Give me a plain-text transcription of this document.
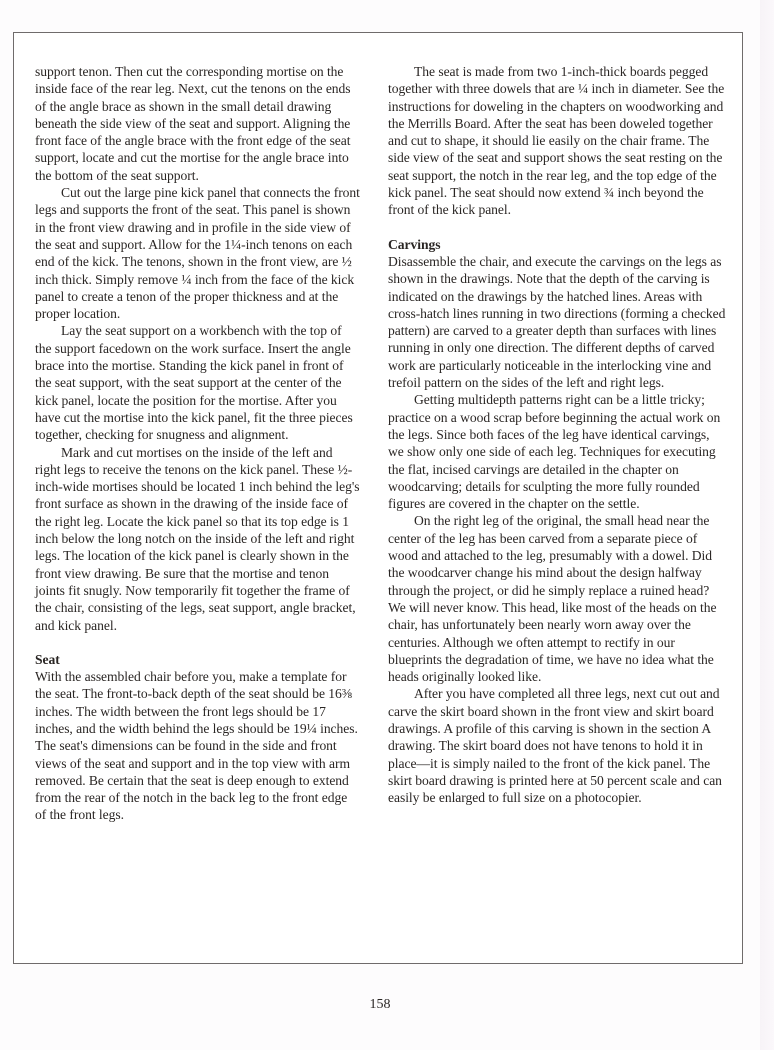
support tenon. Then cut the corresponding mortise on the inside face of the rear leg. Next, cut the tenons on the ends of the angle brace as shown in the small detail drawing beneath the side view of the seat and support. Aligning the front face of the angle brace with the front edge of the seat support, locate and cut the mortise for the angle brace into the bottom of the seat support.

Cut out the large pine kick panel that connects the front legs and supports the front of the seat. This panel is shown in the front view drawing and in profile in the side view of the seat and support. Allow for the 1¼-inch tenons on each end of the kick. The tenons, shown in the front view, are ½ inch thick. Simply remove ¼ inch from the face of the kick panel to create a tenon of the proper thickness and at the proper location.

Lay the seat support on a workbench with the top of the support facedown on the work surface. Insert the angle brace into the mortise. Standing the kick panel in front of the seat support, with the seat support at the center of the kick panel, locate the position for the mortise. After you have cut the mortise into the kick panel, fit the three pieces together, checking for snugness and alignment.

Mark and cut mortises on the inside of the left and right legs to receive the tenons on the kick panel. These ½-inch-wide mortises should be located 1 inch behind the leg's front surface as shown in the drawing of the inside face of the right leg. Locate the kick panel so that its top edge is 1 inch below the long notch on the inside of the left and right legs. The location of the kick panel is clearly shown in the front view drawing. Be sure that the mortise and tenon joints fit snugly. Now temporarily fit together the frame of the chair, consisting of the legs, seat support, angle bracket, and kick panel.

Seat

With the assembled chair before you, make a template for the seat. The front-to-back depth of the seat should be 16⅜ inches. The width between the front legs should be 17 inches, and the width behind the legs should be 19¼ inches. The seat's dimensions can be found in the side and front views of the seat and support and in the top view with arm removed. Be certain that the seat is deep enough to extend from the rear of the notch in the back leg to the front edge of the front legs.

The seat is made from two 1-inch-thick boards pegged together with three dowels that are ¼ inch in diameter. See the instructions for doweling in the chapters on woodworking and the Merrills Board. After the seat has been doweled together and cut to shape, it should lie easily on the chair frame. The side view of the seat and support shows the seat resting on the seat support, the notch in the rear leg, and the top edge of the kick panel. The seat should now extend ¾ inch beyond the front of the kick panel.

Carvings

Disassemble the chair, and execute the carvings on the legs as shown in the drawings. Note that the depth of the carving is indicated on the drawings by the hatched lines. Areas with cross-hatch lines running in two directions (forming a checked pattern) are carved to a greater depth than surfaces with lines running in only one direction. The different depths of carved work are particularly noticeable in the interlocking vine and trefoil pattern on the sides of the left and right legs.

Getting multidepth patterns right can be a little tricky; practice on a wood scrap before beginning the actual work on the legs. Since both faces of the leg have identical carvings, we show only one side of each leg. Techniques for executing the flat, incised carvings are detailed in the chapter on woodcarving; details for sculpting the more fully rounded figures are covered in the chapter on the settle.

On the right leg of the original, the small head near the center of the leg has been carved from a separate piece of wood and attached to the leg, presumably with a dowel. Did the woodcarver change his mind about the design halfway through the project, or did he simply replace a ruined head? We will never know. This head, like most of the heads on the chair, has unfortunately been nearly worn away over the centuries. Although we often attempt to rectify in our blueprints the degradation of time, we have no idea what the heads originally looked like.

After you have completed all three legs, next cut out and carve the skirt board shown in the front view and skirt board drawings. A profile of this carving is shown in the section A drawing. The skirt board does not have tenons to hold it in place—it is simply nailed to the front of the kick panel. The skirt board drawing is printed here at 50 percent scale and can easily be enlarged to full size on a photocopier.

158
